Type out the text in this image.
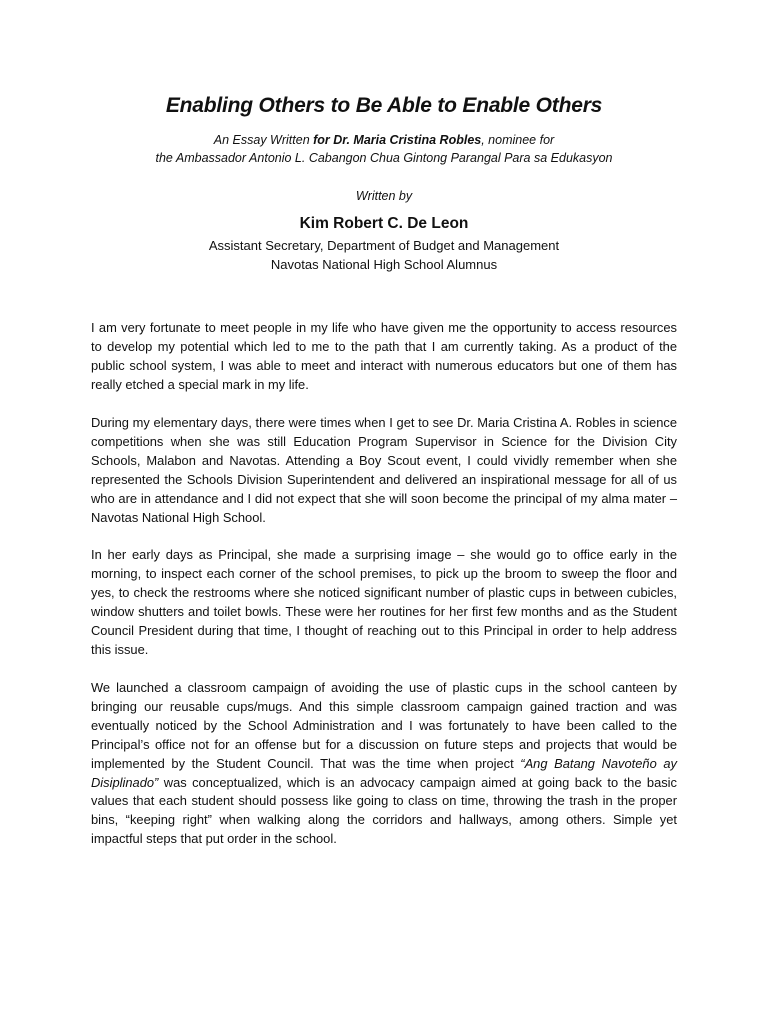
Enabling Others to Be Able to Enable Others
An Essay Written for Dr. Maria Cristina Robles, nominee for
the Ambassador Antonio L. Cabangon Chua Gintong Parangal Para sa Edukasyon
Written by
Kim Robert C. De Leon
Assistant Secretary, Department of Budget and Management
Navotas National High School Alumnus

I am very fortunate to meet people in my life who have given me the opportunity to access resources to develop my potential which led to me to the path that I am currently taking. As a product of the public school system, I was able to meet and interact with numerous educators but one of them has really etched a special mark in my life.

During my elementary days, there were times when I get to see Dr. Maria Cristina A. Robles in science competitions when she was still Education Program Supervisor in Science for the Division City Schools, Malabon and Navotas. Attending a Boy Scout event, I could vividly remember when she represented the Schools Division Superintendent and delivered an inspirational message for all of us who are in attendance and I did not expect that she will soon become the principal of my alma mater – Navotas National High School.

In her early days as Principal, she made a surprising image – she would go to office early in the morning, to inspect each corner of the school premises, to pick up the broom to sweep the floor and yes, to check the restrooms where she noticed significant number of plastic cups in between cubicles, window shutters and toilet bowls. These were her routines for her first few months and as the Student Council President during that time, I thought of reaching out to this Principal in order to help address this issue.

We launched a classroom campaign of avoiding the use of plastic cups in the school canteen by bringing our reusable cups/mugs. And this simple classroom campaign gained traction and was eventually noticed by the School Administration and I was fortunately to have been called to the Principal’s office not for an offense but for a discussion on future steps and projects that would be implemented by the Student Council. That was the time when project “Ang Batang Navoteño ay Disiplinado” was conceptualized, which is an advocacy campaign aimed at going back to the basic values that each student should possess like going to class on time, throwing the trash in the proper bins, “keeping right” when walking along the corridors and hallways, among others. Simple yet impactful steps that put order in the school.
